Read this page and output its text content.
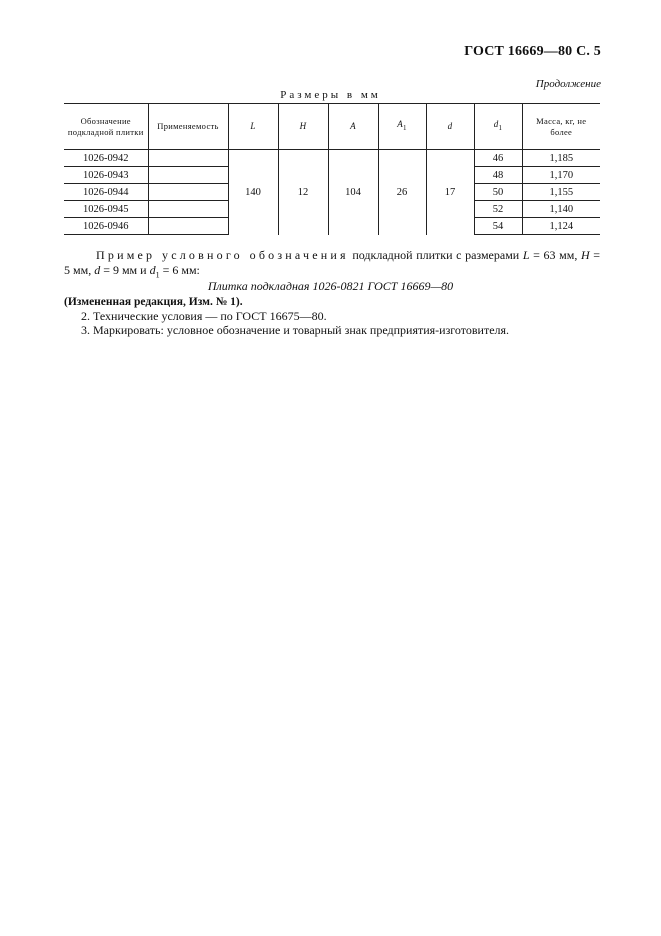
ГОСТ 16669—80 С. 5
Продолжение
Размеры в мм
Обозначение подкладной плитки	Применяемость	L	H	A	$A_1$	d	$d_1$	Масса, кг, не более
1026-0942		140	12	104	26	17	46	1,185
1026-0943							48	1,170
1026-0944							50	1,155
1026-0945							52	1,140
1026-0946							54	1,124
Пример условного обозначения подкладной плитки с размерами L = 63 мм, H = 5 мм, d = 9 мм и $d_1 = 6$ мм:
Плитка подкладная 1026-0821 ГОСТ 16669—80
(Измененная редакция, Изм. № 1).
2. Технические условия — по ГОСТ 16675—80.
3. Маркировать: условное обозначение и товарный знак предприятия-изготовителя.
